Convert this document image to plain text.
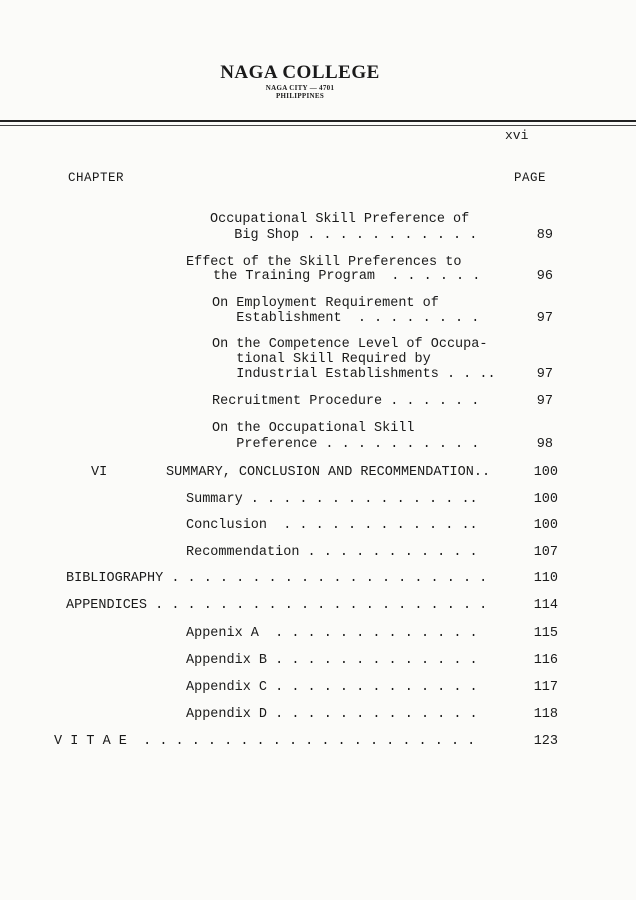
NAGA COLLEGE
NAGA CITY — 4701
PHILIPPINES
xvi
CHAPTER	PAGE
Occupational Skill Preference of
Big Shop . . . . . . . . . . .	89
Effect of the Skill Preferences to
the Training Program  . . . . . .	96
On Employment Requirement of
Establishment  . . . . . . . .	97
On the Competence Level of Occupa-
tional Skill Required by
Industrial Establishments . . ..	97
Recruitment Procedure . . . . . .	97
On the Occupational Skill
Preference . . . . . . . . . .	98
VI	SUMMARY, CONCLUSION AND RECOMMENDATION..	100
Summary . . . . . . . . . . . . . ..	100
Conclusion  . . . . . . . . . . . ..	100
Recommendation . . . . . . . . . . .	107
BIBLIOGRAPHY . . . . . . . . . . . . . . . . . . . .	110
APPENDICES . . . . . . . . . . . . . . . . . . . . .	114
Appenix A  . . . . . . . . . . . . .	115
Appendix B . . . . . . . . . . . . .	116
Appendix C . . . . . . . . . . . . .	117
Appendix D . . . . . . . . . . . . .	118
V I T A E  . . . . . . . . . . . . . . . . . . . . .	123
